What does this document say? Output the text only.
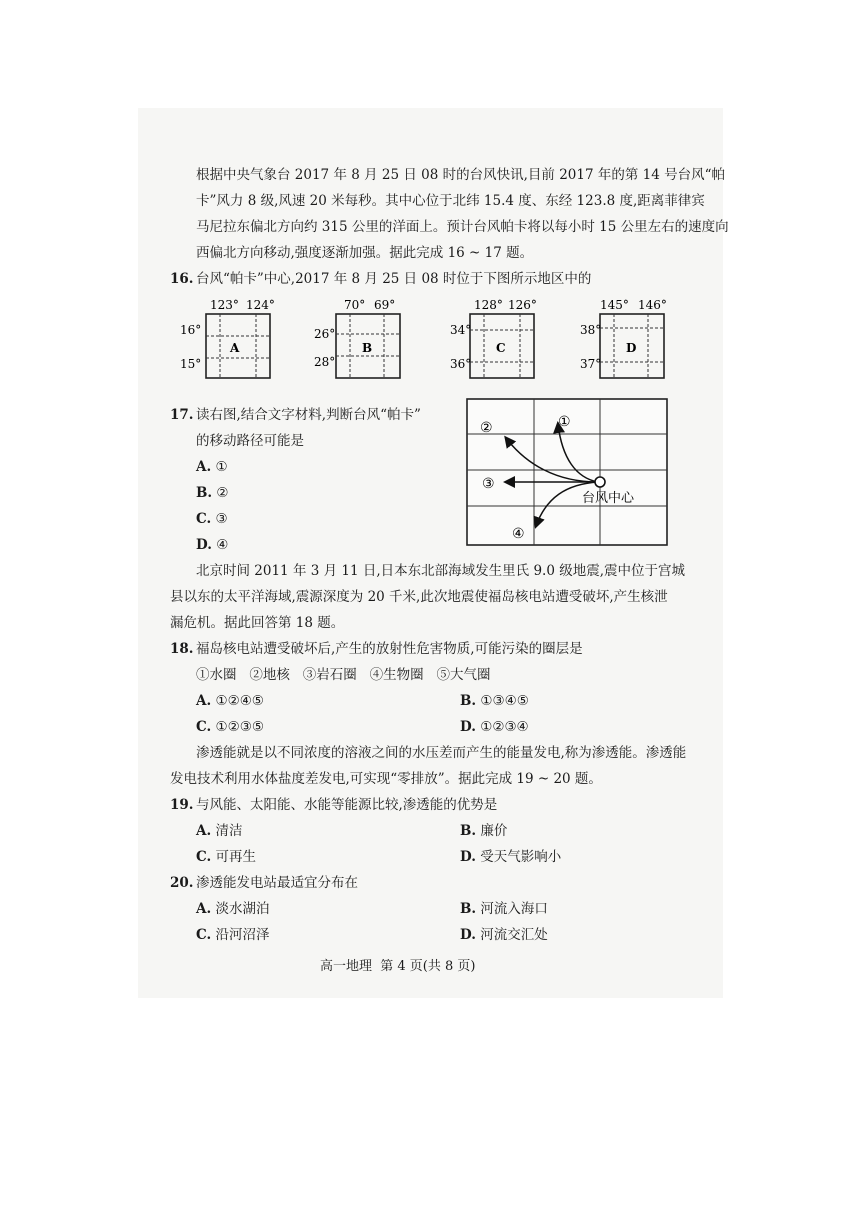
根据中央气象台 2017 年 8 月 25 日 08 时的台风快讯,目前 2017 年的第 14 号台风“帕
卡”风力 8 级,风速 20 米每秒。其中心位于北纬 15.4 度、东经 123.8 度,距离菲律宾
马尼拉东偏北方向约 315 公里的洋面上。预计台风帕卡将以每小时 15 公里左右的速度向
西偏北方向移动,强度逐渐加强。据此完成 16 ~ 17 题。
16. 台风“帕卡”中心,2017 年 8 月 25 日 08 时位于下图所示地区中的
123° 124°
A
16°
15°
70° 69°
B
26°
28°
128° 126°
C
34°
36°
145° 146°
D
38°
37°
17. 读右图,结合文字材料,判断台风“帕卡”
的移动路径可能是
A. ①
B. ②
C. ③
D. ④
①
②
③
④
台风中心
北京时间 2011 年 3 月 11 日,日本东北部海域发生里氏 9.0 级地震,震中位于宫城
县以东的太平洋海域,震源深度为 20 千米,此次地震使福岛核电站遭受破坏,产生核泄
漏危机。据此回答第 18 题。
18. 福岛核电站遭受破坏后,产生的放射性危害物质,可能污染的圈层是
①水圈   ②地核   ③岩石圈   ④生物圈   ⑤大气圈
A. ①②④⑤	B. ①③④⑤
C. ①②③⑤	D. ①②③④
渗透能就是以不同浓度的溶液之间的水压差而产生的能量发电,称为渗透能。渗透能
发电技术利用水体盐度差发电,可实现“零排放”。据此完成 19 ~ 20 题。
19. 与风能、太阳能、水能等能源比较,渗透能的优势是
A. 清洁	B. 廉价
C. 可再生	D. 受天气影响小
20. 渗透能发电站最适宜分布在
A. 淡水湖泊	B. 河流入海口
C. 沿河沼泽	D. 河流交汇处
高一地理  第 4 页(共 8 页)
